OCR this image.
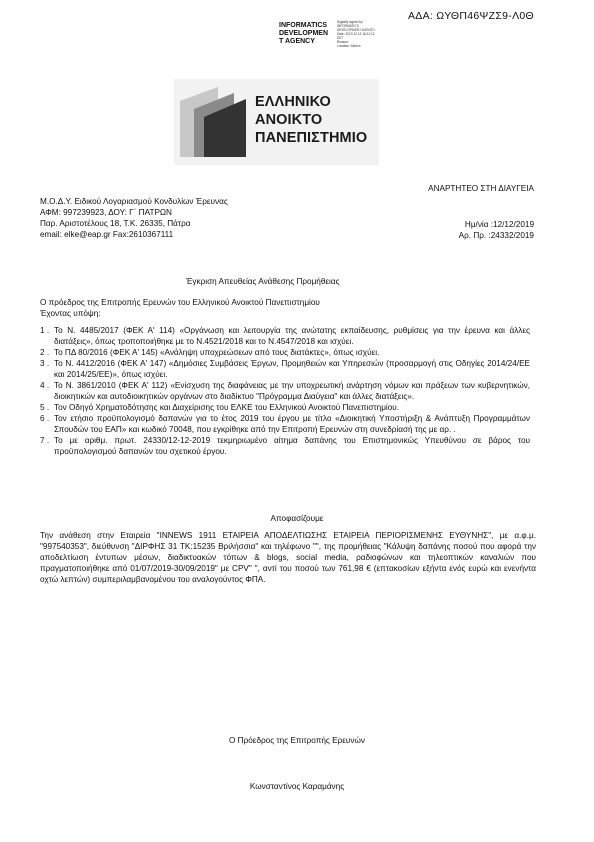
ΑΔΑ: ΩΥΘΠ46ΨΖΣ9-Λ0Θ
INFORMATICS
DEVELOPMEN
T AGENCY
Digitally signed by
INFORMATICS
DEVELOPMENT AGENCY
Date: 2019.12.12 16:11:12
EET
Reason:
Location: Athens
ΕΛΛΗΝΙΚΟ
ΑΝΟΙΚΤΟ
ΠΑΝΕΠΙΣΤΗΜΙΟ
ΑΝΑΡΤΗΤΕΟ ΣΤΗ ΔΙΑΥΓΕΙΑ
Μ.Ο.Δ.Υ. Ειδικού Λογαριασμού Κονδυλίων Έρευνας
ΑΦΜ: 997239923, ΔΟΥ: Γ΄ ΠΑΤΡΩΝ
Παρ. Αριστοτέλους 18, Τ.Κ. 26335, Πάτρα
email: elke@eap.gr Fax:2610367111
Ημ/νία :12/12/2019
Αρ. Πρ. :24332/2019
Έγκριση Απευθείας Ανάθεσης Προμήθειας
Ο πρόεδρος της Επιτροπής Ερευνών του Ελληνικού Ανοικτού Πανεπιστημίου
Έχοντας υπόψη:
1 . Το Ν. 4485/2017 (ΦΕΚ Α' 114) «Οργάνωση και λειτουργία της ανώτατης εκπαίδευσης, ρυθμίσεις για την έρευνα και άλλες διατάξεις», όπως τροποποιήθηκε με το Ν.4521/2018 και το Ν.4547/2018 και ισχύει.
2 . Το ΠΔ 80/2016 (ΦΕΚ Α' 145) «Ανάληψη υποχρεώσεων από τους διατάκτες», όπως ισχύει.
3 . Το Ν. 4412/2016 (ΦΕΚ Α' 147) «Δημόσιες Συμβάσεις Έργων, Προμηθειών και Υπηρεσιών (προσαρμογή στις Οδηγίες 2014/24/ΕΕ και 2014/25/ΕΕ)», όπως ισχύει.
4 . Το Ν. 3861/2010 (ΦΕΚ Α' 112) «Ενίσχυση της διαφάνειας με την υποχρεωτική ανάρτηση νόμων και πράξεων των κυβερνητικών, διοικητικών και αυτοδιοικητικών οργάνων στο διαδίκτυο "Πρόγραμμα Διαύγεια" και άλλες διατάξεις».
5 . Τον Οδηγό Χρηματοδότησης και Διαχείρισης του ΕΛΚΕ του Ελληνικού Ανοικτού Πανεπιστημίου.
6 . Τον ετήσιο προϋπολογισμό δαπανών για το έτος 2019 του έργου με τίτλο «Διοικητική Υποστήριξη & Ανάπτυξη Προγραμμάτων Σπουδών του ΕΑΠ» και κωδικό 70048, που εγκρίθηκε από την Επιτροπή Ερευνών στη συνεδρίασή της με αρ. .
7 . Το με αριθμ. πρωτ. 24330/12-12-2019 τεκμηριωμένο αίτημα δαπάνης του Επιστημονικώς Υπευθύνου σε βάρος του προϋπολογισμού δαπανών του σχετικού έργου.
Αποφασίζουμε
Την ανάθεση στην Εταιρεία "INNEWS 1911 ΕΤΑΙΡΕΙΑ ΑΠΟΔΕΛΤΙΩΣΗΣ ΕΤΑΙΡΕΙΑ ΠΕΡΙΟΡΙΣΜΕΝΗΣ ΕΥΘΥΝΗΣ", με α.φ.μ. "997540353", διεύθυνση "ΔΙΡΦΗΣ 31 ΤΚ:15235 Βριλήσσια" και τηλέφωνο "", της προμήθειας "Κάλυψη δαπάνης ποσού που αφορά την αποδελτίωση έντυπων μέσων, διαδικτυακών τόπων & blogs, social media, ραδιοφώνων και τηλεοπτικών καναλιών που πραγματοποιήθηκε από 01/07/2019-30/09/2019" με CPV" ", αντί του ποσού των 761,98 € (επτακοσίων εξήντα ενός ευρώ και ενενήντα οχτώ λεπτών) συμπεριλαμβανομένου του αναλογούντος ΦΠΑ.
Ο Πρόεδρος της Επιτροπής Ερευνών
Κωνσταντίνος Καραμάνης
